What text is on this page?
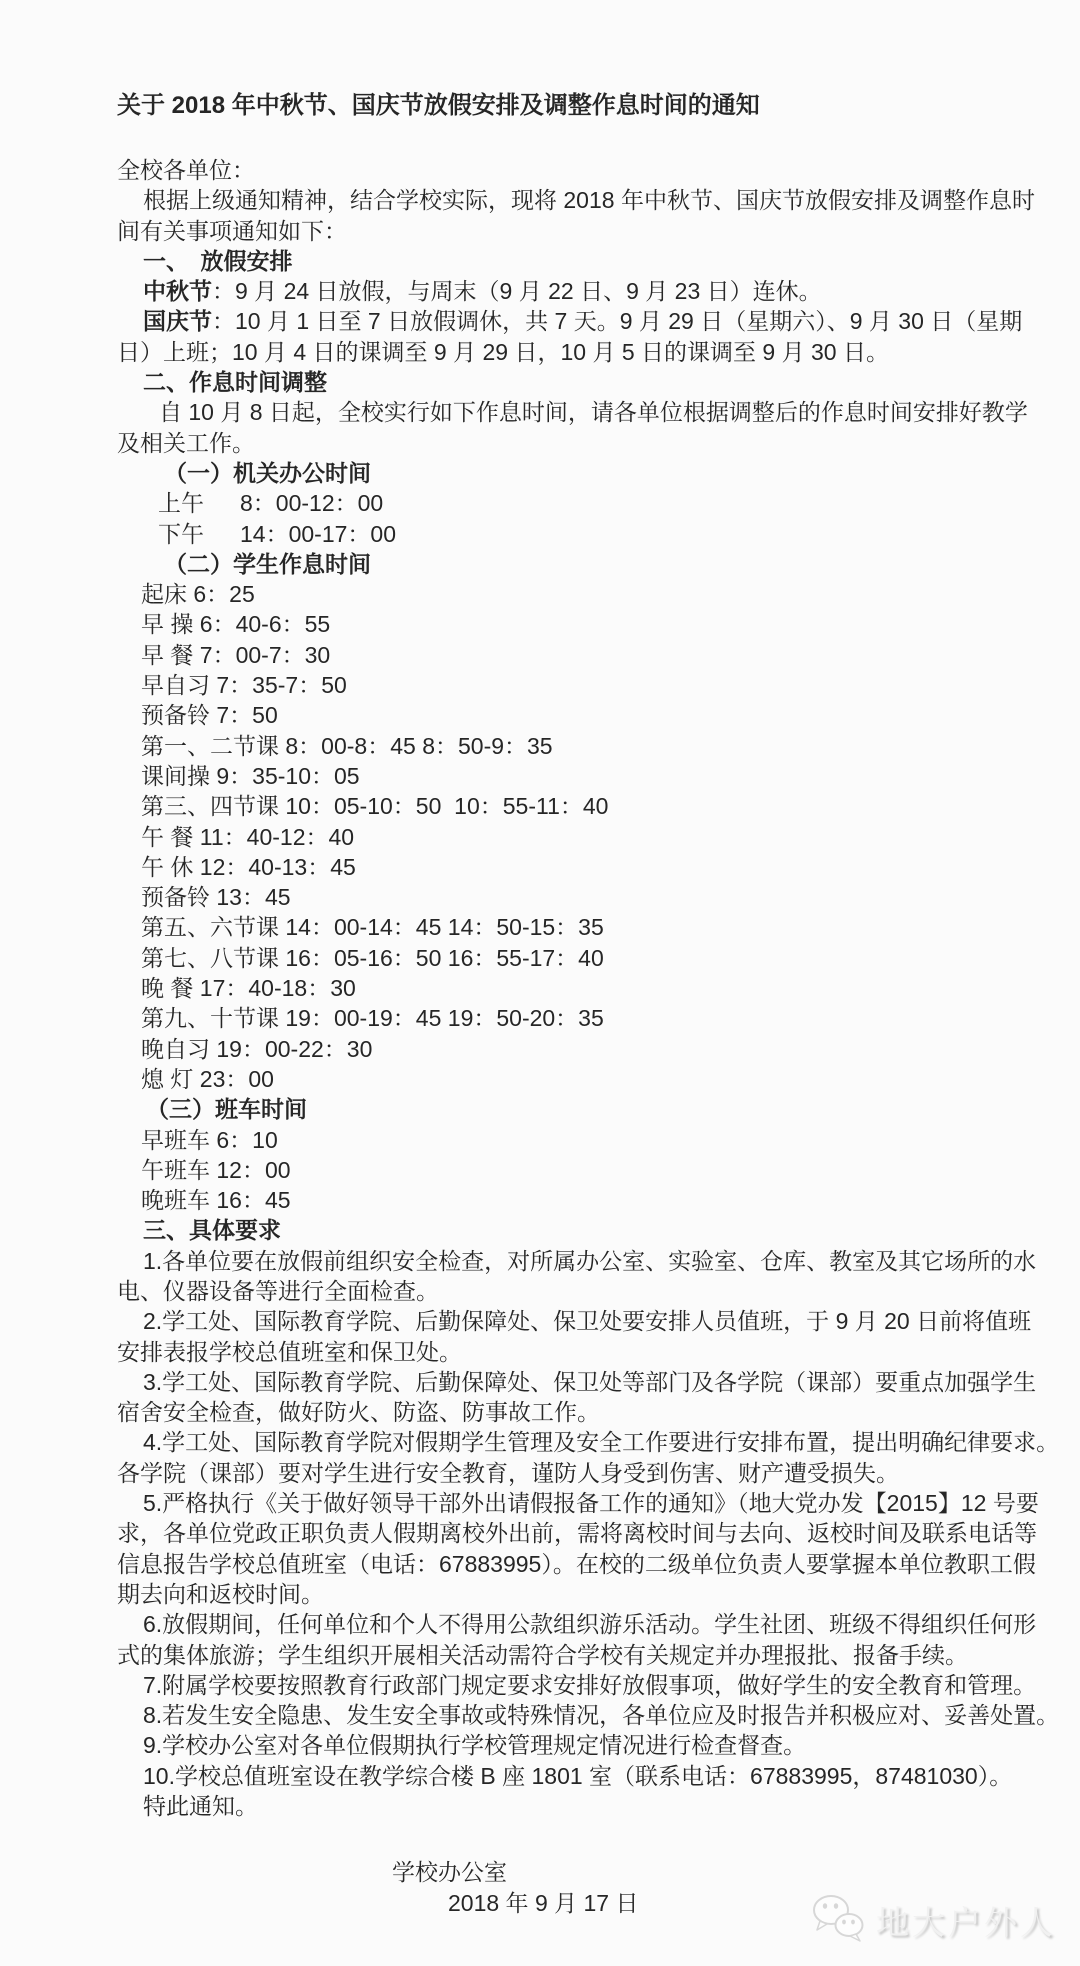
关于 2018 年中秋节、国庆节放假安排及调整作息时间的通知
全校各单位：
根据上级通知精神，结合学校实际，现将 2018 年中秋节、国庆节放假安排及调整作息时
间有关事项通知如下：
一、　放假安排
中秋节：9 月 24 日放假，与周末（9 月 22 日、9 月 23 日）连休。
国庆节：10 月 1 日至 7 日放假调休，共 7 天。9 月 29 日（星期六）、9 月 30 日（星期
日）上班；10 月 4 日的课调至 9 月 29 日，10 月 5 日的课调至 9 月 30 日。
二、作息时间调整
自 10 月 8 日起，全校实行如下作息时间，请各单位根据调整后的作息时间安排好教学
及相关工作。
（一）机关办公时间
上午 8：00-12：00
下午 14：00-17：00
（二）学生作息时间
起床 6：25
早 操 6：40-6：55
早 餐 7：00-7：30
早自习 7：35-7：50
预备铃 7：50
第一、二节课 8：00-8：45 8：50-9：35
课间操 9：35-10：05
第三、四节课 10：05-10：50  10：55-11：40
午 餐 11：40-12：40
午 休 12：40-13：45
预备铃 13：45
第五、六节课 14：00-14：45 14：50-15：35
第七、八节课 16：05-16：50 16：55-17：40
晚 餐 17：40-18：30
第九、十节课 19：00-19：45 19：50-20：35
晚自习 19：00-22：30
熄 灯 23：00
（三）班车时间
早班车 6：10
午班车 12：00
晚班车 16：45
三、具体要求
1.各单位要在放假前组织安全检查，对所属办公室、实验室、仓库、教室及其它场所的水
电、仪器设备等进行全面检查。
2.学工处、国际教育学院、后勤保障处、保卫处要安排人员值班，于 9 月 20 日前将值班
安排表报学校总值班室和保卫处。
3.学工处、国际教育学院、后勤保障处、保卫处等部门及各学院（课部）要重点加强学生
宿舍安全检查，做好防火、防盗、防事故工作。
4.学工处、国际教育学院对假期学生管理及安全工作要进行安排布置，提出明确纪律要求。
各学院（课部）要对学生进行安全教育，谨防人身受到伤害、财产遭受损失。
5.严格执行《关于做好领导干部外出请假报备工作的通知》（地大党办发【2015】12 号要
求，各单位党政正职负责人假期离校外出前，需将离校时间与去向、返校时间及联系电话等
信息报告学校总值班室（电话：67883995）。在校的二级单位负责人要掌握本单位教职工假
期去向和返校时间。
6.放假期间，任何单位和个人不得用公款组织游乐活动。学生社团、班级不得组织任何形
式的集体旅游；学生组织开展相关活动需符合学校有关规定并办理报批、报备手续。
7.附属学校要按照教育行政部门规定要求安排好放假事项，做好学生的安全教育和管理。
8.若发生安全隐患、发生安全事故或特殊情况，各单位应及时报告并积极应对、妥善处置。
9.学校办公室对各单位假期执行学校管理规定情况进行检查督查。
10.学校总值班室设在教学综合楼 B 座 1801 室（联系电话：67883995，87481030）。
特此通知。
学校办公室
2018 年 9 月 17 日
地大户外人
